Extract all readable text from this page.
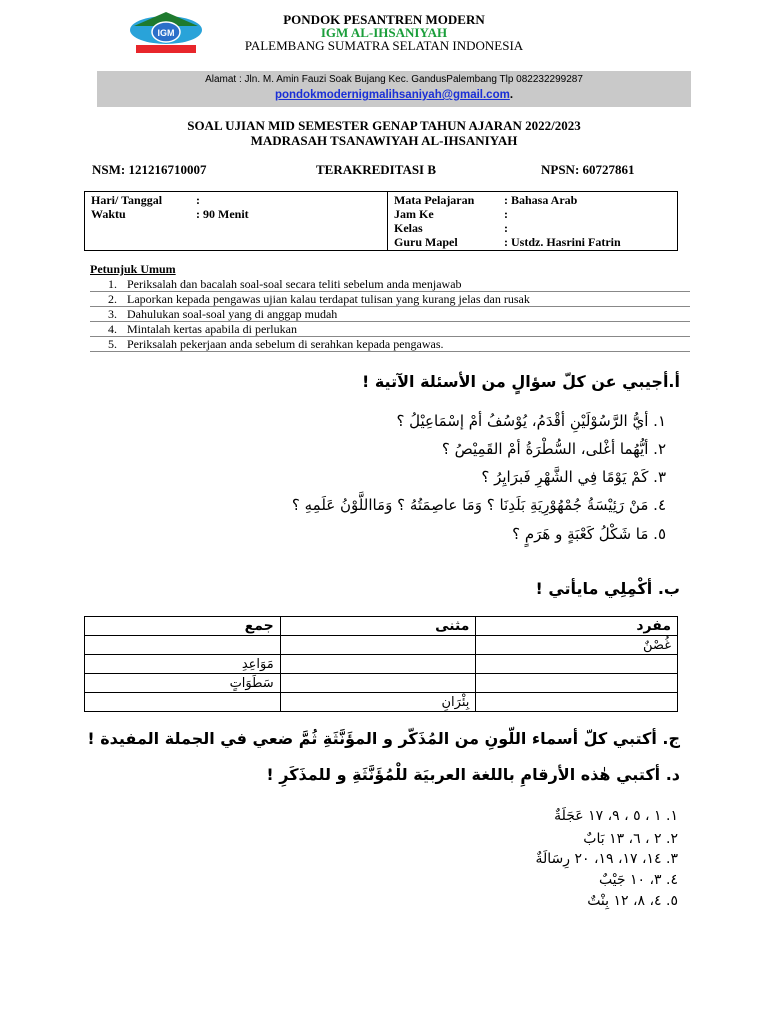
IGM
PONDOK PESANTREN MODERN
IGM AL-IHSANIYAH
PALEMBANG SUMATRA SELATAN INDONESIA
Alamat : Jln. M. Amin Fauzi Soak Bujang Kec. GandusPalembang Tlp 082232299287
pondokmodernigmalihsaniyah@gmail.com.
SOAL UJIAN MID SEMESTER GENAP TAHUN AJARAN 2022/2023
MADRASAH TSANAWIYAH AL-IHSANIYAH
NSM: 121216710007	TERAKREDITASI B	NPSN: 60727861
Hari/ Tanggal	:
Waktu	: 90 Menit

Mata Pelajaran	: Bahasa Arab
Jam Ke	:
Kelas	:
Guru Mapel	: Ustdz. Hasrini Fatrin
Petunjuk Umum
1. Periksalah dan bacalah soal-soal secara teliti sebelum anda menjawab
2. Laporkan kepada pengawas ujian kalau terdapat tulisan yang kurang jelas dan rusak
3. Dahulukan soal-soal yang di anggap mudah
4. Mintalah kertas apabila di perlukan
5. Periksalah pekerjaan anda sebelum di serahkan kepada pengawas.
أ.أجيبي عن كلّ سؤالٍ من الأسئلة الآتية !
١. أيُّ الرَّسُوْلَيْنِ أقْدَمُ، يُوْسُفُ أمْ إسْمَاعِيْلُ ؟
٢. أيُّهُما أغْلى، السُّطْرَةُ أمْ القَمِيْصُ ؟
٣. كَمْ يَوْمًا فِي الشَّهْرِ فَبرَايِرُ ؟
٤. مَنْ رَئِيْسَةُ جُمْهُوْرِيَةِ بَلَدِنَا ؟ وَمَا عاصِمَتُهُ ؟ وَمَااللَّوْنُ عَلَمِهِ ؟
٥. مَا شَكْلُ كَعْبَةٍ و هَرَمٍ ؟
ب. أكْمِلِي مايأتي !
جمع	مثنى	مفرد
		غُصْنٌ
مَوَاعِدِ		
سَطَوَاتٍ		
	بِئْرَانِ	
ج. أكتبي كلّ أسماء اللّونِ من المُذَكّر و المؤَنَّثَةِ ثُمَّ ضعي في الجملة المفيدة !
د. أكتبي هٰذه الأرقامِ باللغة العربيَة للْمُؤَنَّثَةِ و للمذَكَرِ !
١. ١ ، ٥ ، ٩، ١٧ عَجَلَةٌ
٢. ٢ ، ٦، ١٣ بَابٌ
٣. ١٤، ١٧، ١٩، ٢٠ رِسَالَةٌ
٤. ٣، ١٠ جَيْبٌ
٥. ٤، ٨، ١٢ بِنْتٌ
